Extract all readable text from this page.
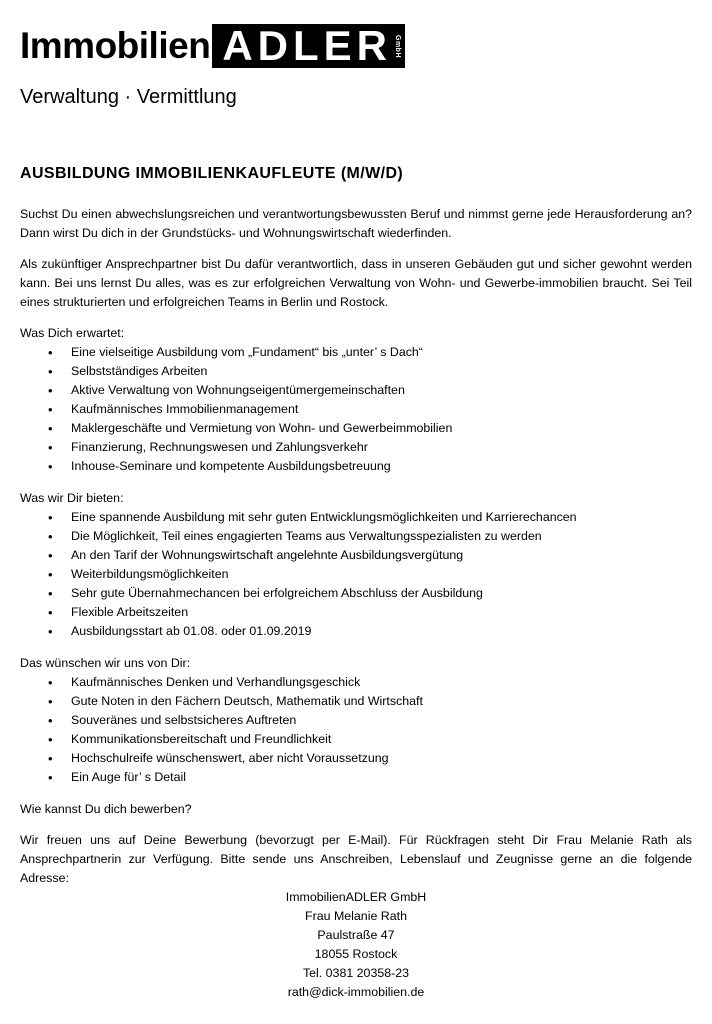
Immobilien ADLER GmbH
Verwaltung · Vermittlung
AUSBILDUNG IMMOBILIENKAUFLEUTE (M/W/D)

Suchst Du einen abwechslungsreichen und verantwortungsbewussten Beruf und nimmst gerne jede Herausforderung an? Dann wirst Du dich in der Grundstücks- und Wohnungswirtschaft wiederfinden.

Als zukünftiger Ansprechpartner bist Du dafür verantwortlich, dass in unseren Gebäuden gut und sicher gewohnt werden kann. Bei uns lernst Du alles, was es zur erfolgreichen Verwaltung von Wohn- und Gewerbe-immobilien braucht. Sei Teil eines strukturierten und erfolgreichen Teams in Berlin und Rostock.

Was Dich erwartet:

• Eine vielseitige Ausbildung vom „Fundament“ bis „unter’ s Dach“
• Selbstständiges Arbeiten
• Aktive Verwaltung von Wohnungseigentümergemeinschaften
• Kaufmännisches Immobilienmanagement
• Maklergeschäfte und Vermietung von Wohn- und Gewerbeimmobilien
• Finanzierung, Rechnungswesen und Zahlungsverkehr
• Inhouse-Seminare und kompetente Ausbildungsbetreuung

Was wir Dir bieten:

• Eine spannende Ausbildung mit sehr guten Entwicklungsmöglichkeiten und Karrierechancen
• Die Möglichkeit, Teil eines engagierten Teams aus Verwaltungsspezialisten zu werden
• An den Tarif der Wohnungswirtschaft angelehnte Ausbildungsvergütung
• Weiterbildungsmöglichkeiten
• Sehr gute Übernahmechancen bei erfolgreichem Abschluss der Ausbildung
• Flexible Arbeitszeiten
• Ausbildungsstart ab 01.08. oder 01.09.2019

Das wünschen wir uns von Dir:

• Kaufmännisches Denken und Verhandlungsgeschick
• Gute Noten in den Fächern Deutsch, Mathematik und Wirtschaft
• Souveränes und selbstsicheres Auftreten
• Kommunikationsbereitschaft und Freundlichkeit
• Hochschulreife wünschenswert, aber nicht Voraussetzung
• Ein Auge für’ s Detail

Wie kannst Du dich bewerben?

Wir freuen uns auf Deine Bewerbung (bevorzugt per E-Mail). Für Rückfragen steht Dir Frau Melanie Rath als Ansprechpartnerin zur Verfügung. Bitte sende uns Anschreiben, Lebenslauf und Zeugnisse gerne an die folgende Adresse:

ImmobilienADLER GmbH
Frau Melanie Rath
Paulstraße 47
18055 Rostock
Tel. 0381 20358-23
rath@dick-immobilien.de
